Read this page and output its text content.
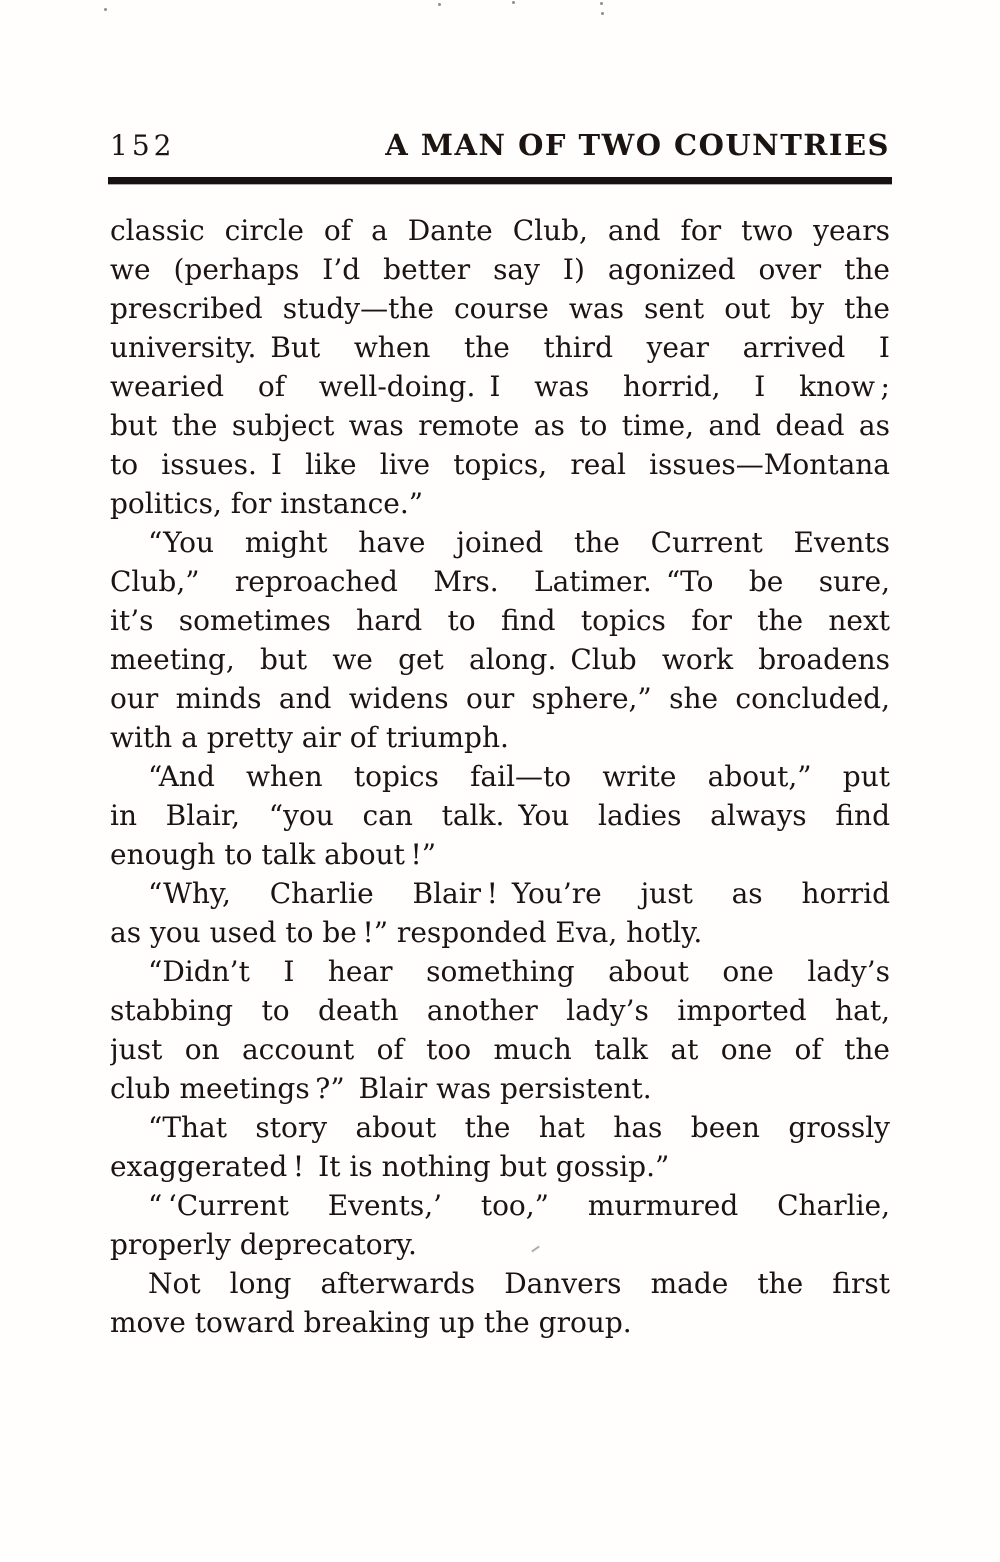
152	A MAN OF TWO COUNTRIES
classic circle of a Dante Club, and for two years
we (perhaps I’d better say I) agonized over the
prescribed study—the course was sent out by the
university. But when the third year arrived I
wearied of well-doing. I was horrid, I know ;
but the subject was remote as to time, and dead as
to issues. I like live topics, real issues—Montana
politics, for instance.”
“You might have joined the Current Events
Club,” reproached Mrs. Latimer. “To be sure,
it’s sometimes hard to find topics for the next
meeting, but we get along. Club work broadens
our minds and widens our sphere,” she concluded,
with a pretty air of triumph.
“And when topics fail—to write about,” put
in Blair, “you can talk. You ladies always find
enough to talk about !”
“Why, Charlie Blair ! You’re just as horrid
as you used to be !” responded Eva, hotly.
“Didn’t I hear something about one lady’s
stabbing to death another lady’s imported hat,
just on account of too much talk at one of the
club meetings ?” Blair was persistent.
“That story about the hat has been grossly
exaggerated ! It is nothing but gossip.”
“ ‘Current Events,’ too,” murmured Charlie,
properly deprecatory.
Not long afterwards Danvers made the first
move toward breaking up the group.
